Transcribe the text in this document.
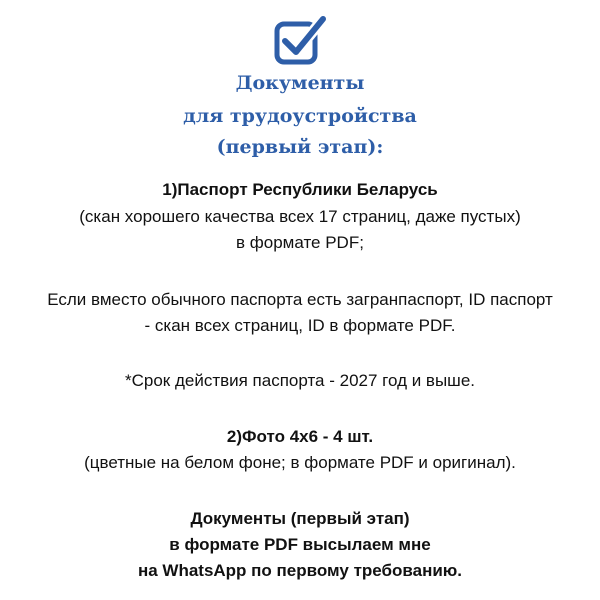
Документы
для трудоустройства
(первый этап):
1)Паспорт Республики Беларусь
(скан хорошего качества всех 17 страниц, даже пустых)
в формате PDF;
Если вместо обычного паспорта есть загранпаспорт, ID паспорт
- скан всех страниц, ID в формате PDF.
*Срок действия паспорта - 2027 год и выше.
2)Фото 4х6 - 4 шт.
(цветные на белом фоне; в формате PDF и оригинал).
Документы (первый этап)
в формате PDF высылаем мне
на WhatsApp по первому требованию.
